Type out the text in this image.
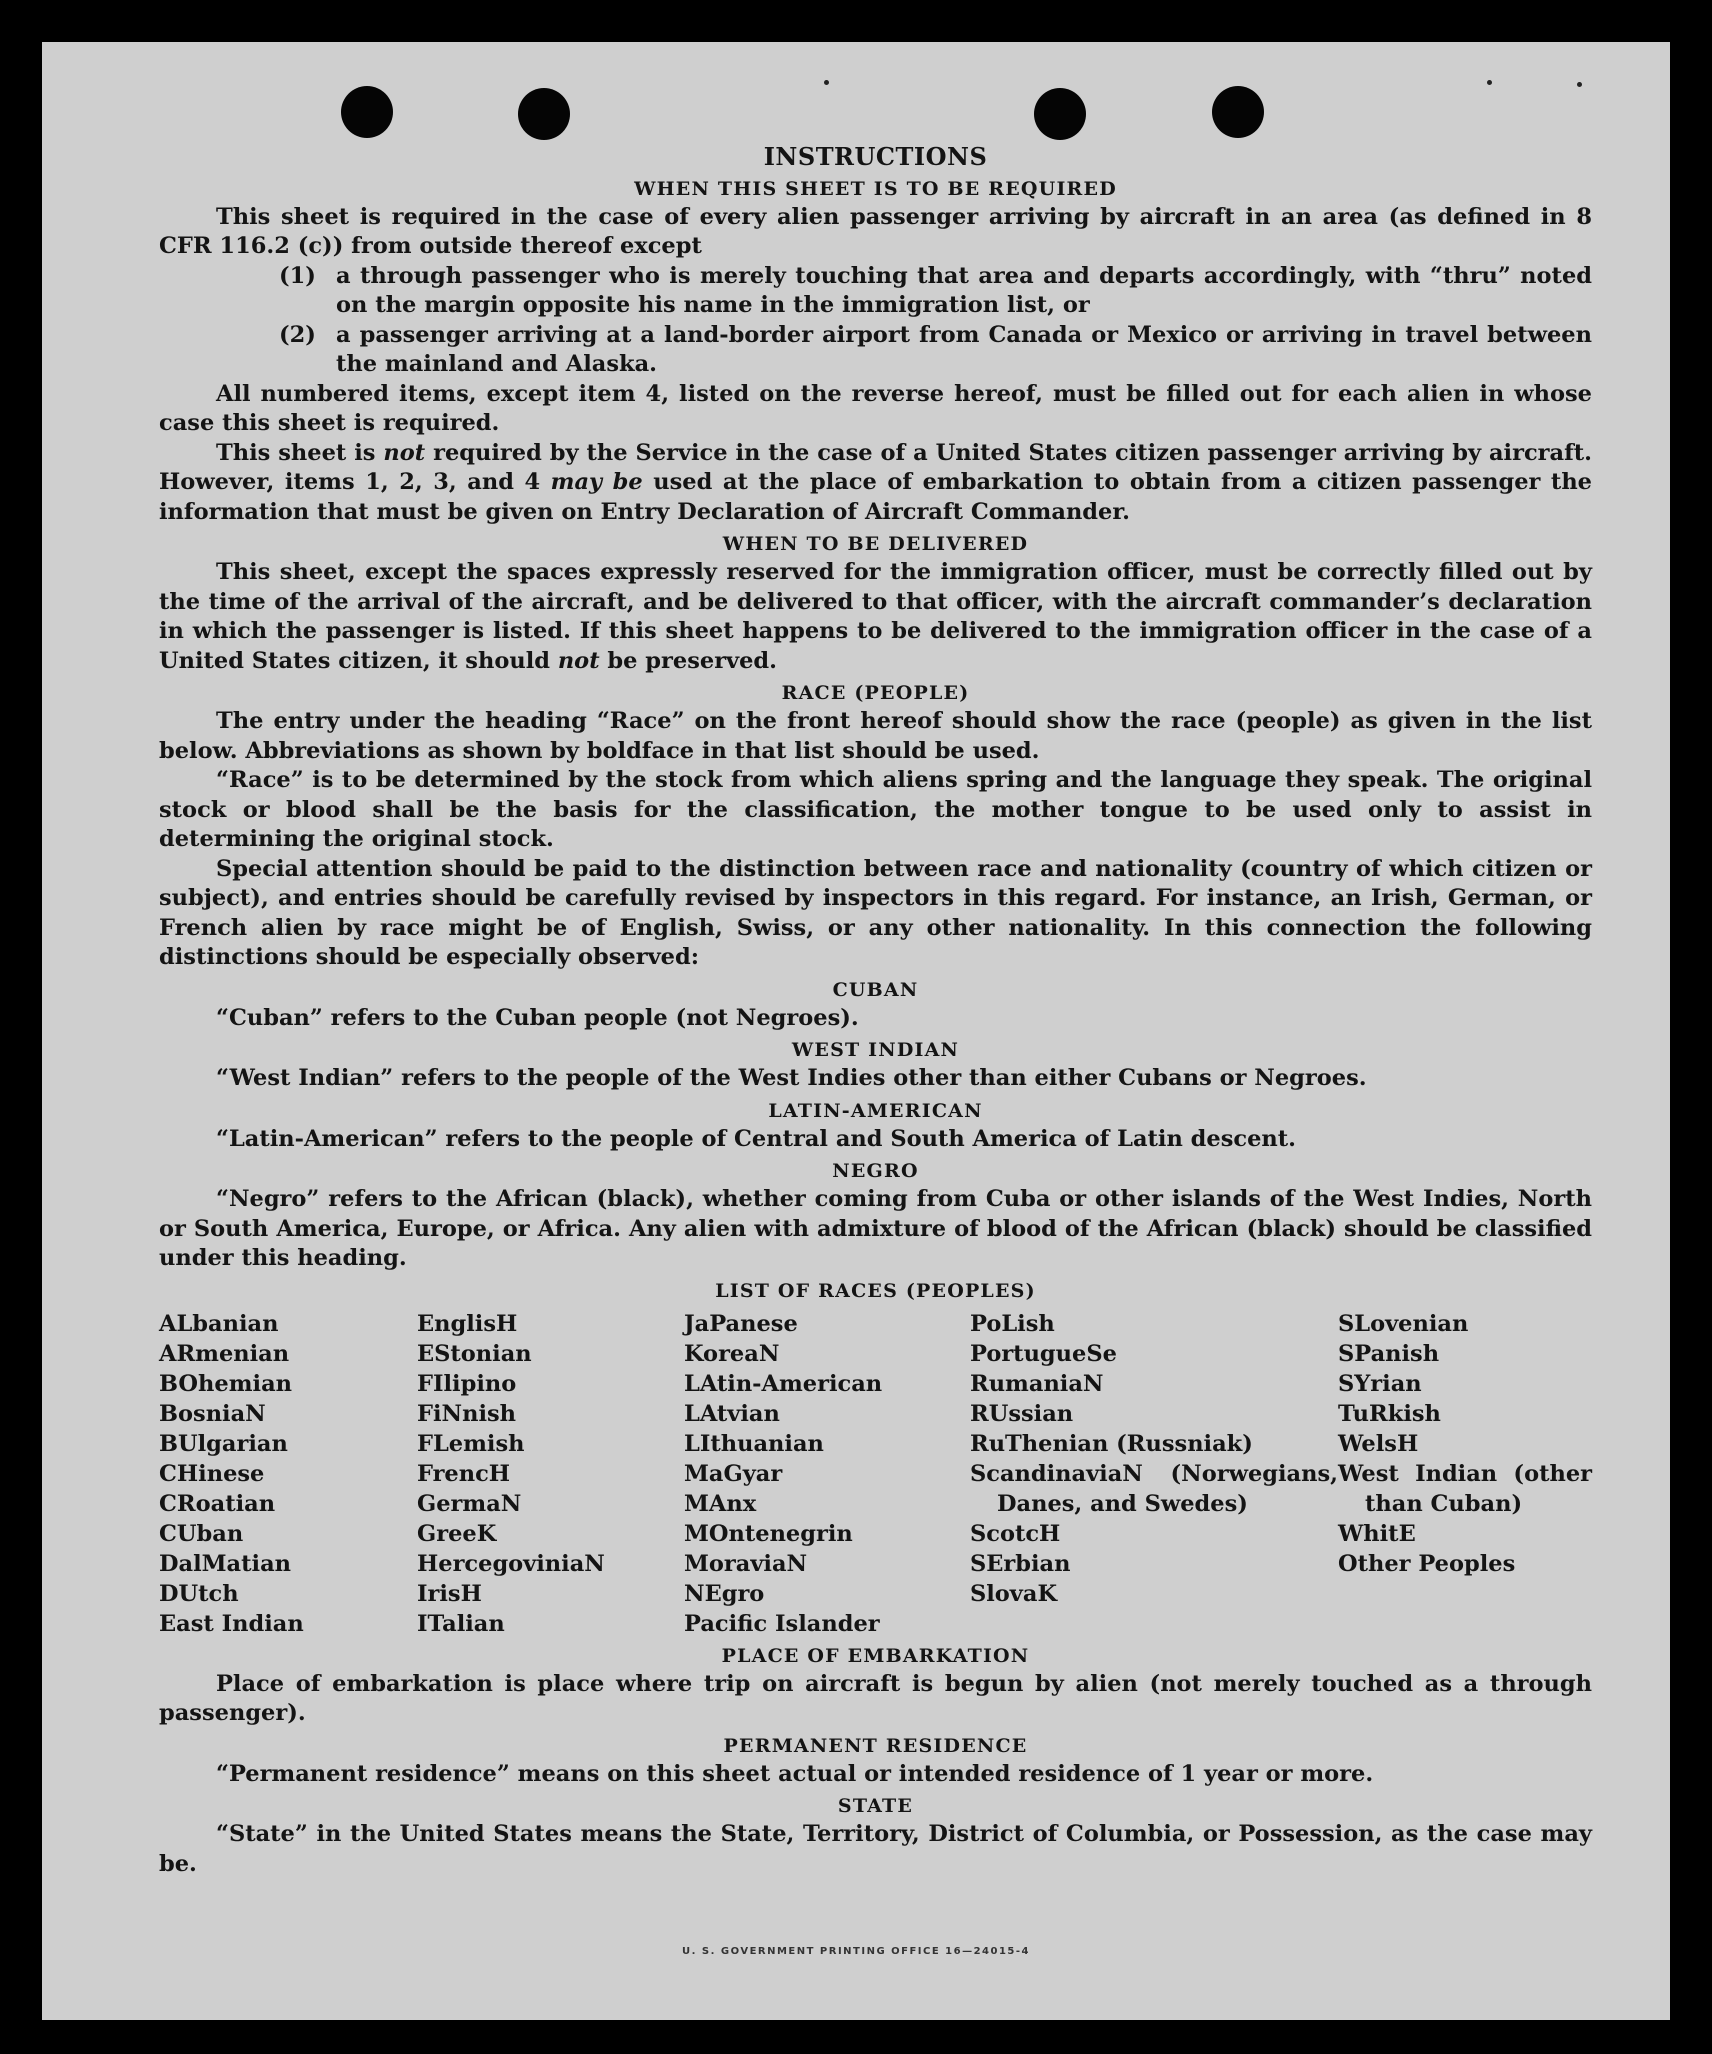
INSTRUCTIONS
WHEN THIS SHEET IS TO BE REQUIRED

This sheet is required in the case of every alien passenger arriving by aircraft in an area (as defined in 8 CFR 116.2 (c)) from outside thereof except

(1) a through passenger who is merely touching that area and departs accordingly, with “thru” noted on the margin opposite his name in the immigration list, or
(2) a passenger arriving at a land-border airport from Canada or Mexico or arriving in travel between the mainland and Alaska.

All numbered items, except item 4, listed on the reverse hereof, must be filled out for each alien in whose case this sheet is required.

This sheet is not required by the Service in the case of a United States citizen passenger arriving by aircraft. However, items 1, 2, 3, and 4 may be used at the place of embarkation to obtain from a citizen passenger the information that must be given on Entry Declaration of Aircraft Commander.

WHEN TO BE DELIVERED

This sheet, except the spaces expressly reserved for the immigration officer, must be correctly filled out by the time of the arrival of the aircraft, and be delivered to that officer, with the aircraft commander’s declaration in which the passenger is listed. If this sheet happens to be delivered to the immigration officer in the case of a United States citizen, it should not be preserved.

RACE (PEOPLE)

The entry under the heading “Race” on the front hereof should show the race (people) as given in the list below. Abbreviations as shown by boldface in that list should be used.

“Race” is to be determined by the stock from which aliens spring and the language they speak. The original stock or blood shall be the basis for the classification, the mother tongue to be used only to assist in determining the original stock.

Special attention should be paid to the distinction between race and nationality (country of which citizen or subject), and entries should be carefully revised by inspectors in this regard. For instance, an Irish, German, or French alien by race might be of English, Swiss, or any other nationality. In this connection the following distinctions should be especially observed:

CUBAN

“Cuban” refers to the Cuban people (not Negroes).

WEST INDIAN

“West Indian” refers to the people of the West Indies other than either Cubans or Negroes.

LATIN-AMERICAN

“Latin-American” refers to the people of Central and South America of Latin descent.

NEGRO

“Negro” refers to the African (black), whether coming from Cuba or other islands of the West Indies, North or South America, Europe, or Africa. Any alien with admixture of blood of the African (black) should be classified under this heading.

LIST OF RACES (PEOPLES)
ALbanian
ARmenian
BOhemian
BosniaN
BUlgarian
CHinese
CRoatian
CUban
DalMatian
DUtch
East Indian
EnglisH
EStonian
FIlipino
FiNnish
FLemish
FrencH
GermaN
GreeK
HercegovinіaN
IrisH
ITalian
JaPanese
KoreaN
LAtin-American
LAtvian
LIthuanian
MaGyar
MAnx
MOntenegrin
MoraviaN
NEgro
Pacific Islander
PoLish
PortugueSe
RumaniaN
RUssian
RuThenian (Russniak)
ScandinaviaN (Norwegians, Danes, and Swedes)
ScotcH
SErbian
SlovaK
SLovenian
SPanish
SYrian
TuRkish
WelsH
West Indian (other than Cuban)
WhitE
Other Peoples
PLACE OF EMBARKATION

Place of embarkation is place where trip on aircraft is begun by alien (not merely touched as a through passenger).

PERMANENT RESIDENCE

“Permanent residence” means on this sheet actual or intended residence of 1 year or more.

STATE

“State” in the United States means the State, Territory, District of Columbia, or Possession, as the case may be.

U. S. GOVERNMENT PRINTING OFFICE 16—24015-4
